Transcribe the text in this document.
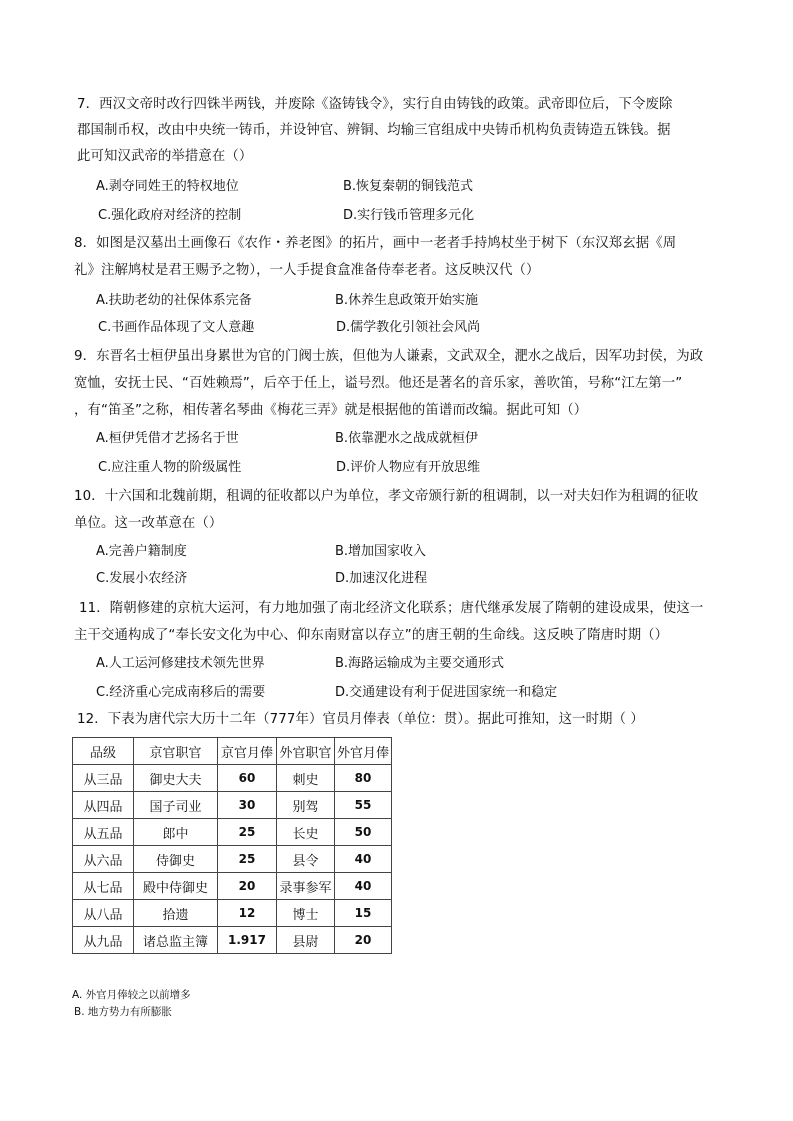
7．西汉文帝时改行四铢半两钱，并废除《盗铸钱令》，实行自由铸钱的政策。武帝即位后，下令废除
郡国制币权，改由中央统一铸币，并设钟官、辨铜、均输三官组成中央铸币机构负责铸造五铢钱。据
此可知汉武帝的举措意在（）
A.剥夺同姓王的特权地位	B.恢复秦朝的铜钱范式
C.强化政府对经济的控制	D.实行钱币管理多元化
8．如图是汉墓出土画像石《农作・养老图》的拓片，画中一老者手持鸠杖坐于树下（东汉郑玄据《周
礼》注解鸠杖是君王赐予之物），一人手提食盒准备侍奉老者。这反映汉代（）
A.扶助老幼的社保体系完备	B.休养生息政策开始实施
C.书画作品体现了文人意趣	D.儒学教化引领社会风尚
9．东晋名士桓伊虽出身累世为官的门阀士族，但他为人谦素，文武双全，淝水之战后，因军功封侯，为政
宽恤，安抚士民、“百姓赖焉”，后卒于任上，谥号烈。他还是著名的音乐家，善吹笛，号称“江左第一”
，有“笛圣”之称，相传著名琴曲《梅花三弄》就是根据他的笛谱而改编。据此可知（）
A.桓伊凭借才艺扬名于世	B.依靠淝水之战成就桓伊
C.应注重人物的阶级属性	D.评价人物应有开放思维
10．十六国和北魏前期，租调的征收都以户为单位，孝文帝颁行新的租调制，以一对夫妇作为租调的征收
单位。这一改革意在（）
A.完善户籍制度	B.增加国家收入
C.发展小农经济	D.加速汉化进程
11．隋朝修建的京杭大运河，有力地加强了南北经济文化联系；唐代继承发展了隋朝的建设成果，使这一
主干交通构成了“奉长安文化为中心、仰东南财富以存立”的唐王朝的生命线。这反映了隋唐时期（）
A.人工运河修建技术领先世界	B.海路运输成为主要交通形式
C.经济重心完成南移后的需要	D.交通建设有利于促进国家统一和稳定
12．下表为唐代宗大历十二年（777年）官员月俸表（单位：贯）。据此可推知，这一时期（ ）
品级	京官职官	京官月俸	外官职官	外官月俸
从三品	御史大夫	60	刺史	80
从四品	国子司业	30	别驾	55
从五品	郎中	25	长史	50
从六品	侍御史	25	县令	40
从七品	殿中侍御史	20	录事参军	40
从八品	拾遗	12	博士	15
从九品	诸总监主簿	1.917	县尉	20
A. 外官月俸较之以前增多
B. 地方势力有所膨胀
